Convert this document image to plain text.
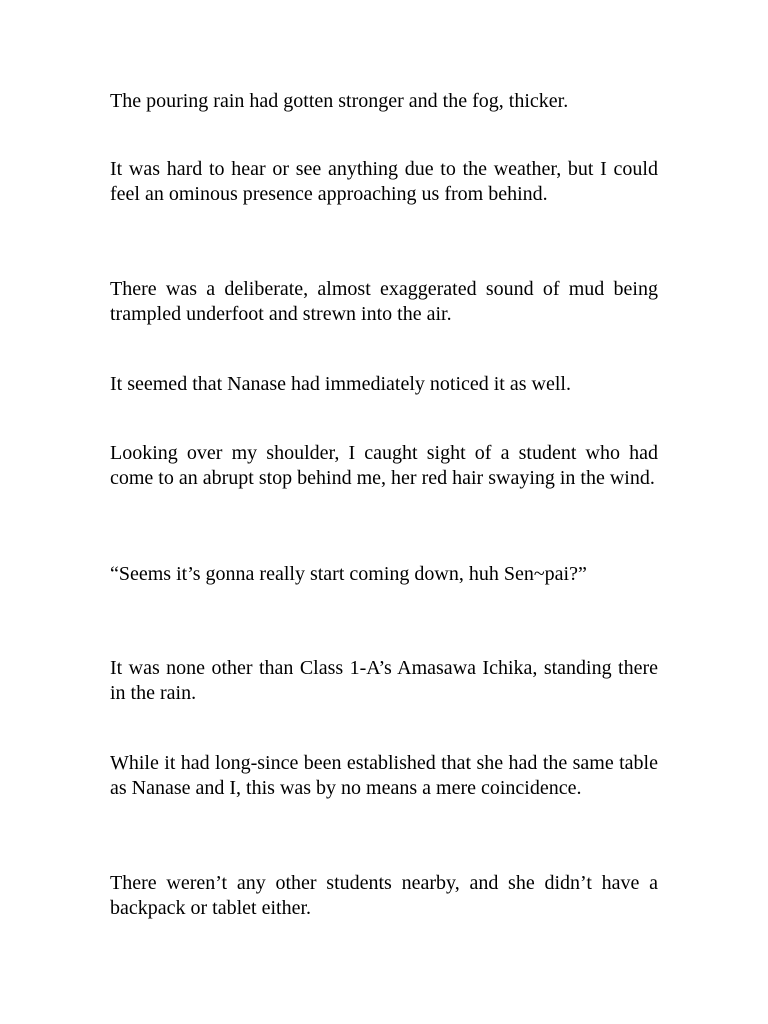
The pouring rain had gotten stronger and the fog, thicker.

It was hard to hear or see anything due to the weather, but I could feel an ominous presence approaching us from behind.

There was a deliberate, almost exaggerated sound of mud being trampled underfoot and strewn into the air.

It seemed that Nanase had immediately noticed it as well.

Looking over my shoulder, I caught sight of a student who had come to an abrupt stop behind me, her red hair swaying in the wind.

“Seems it’s gonna really start coming down, huh Sen~pai?”

It was none other than Class 1-A’s Amasawa Ichika, standing there in the rain.

While it had long-since been established that she had the same table as Nanase and I, this was by no means a mere coincidence.

There weren’t any other students nearby, and she didn’t have a backpack or tablet either.
